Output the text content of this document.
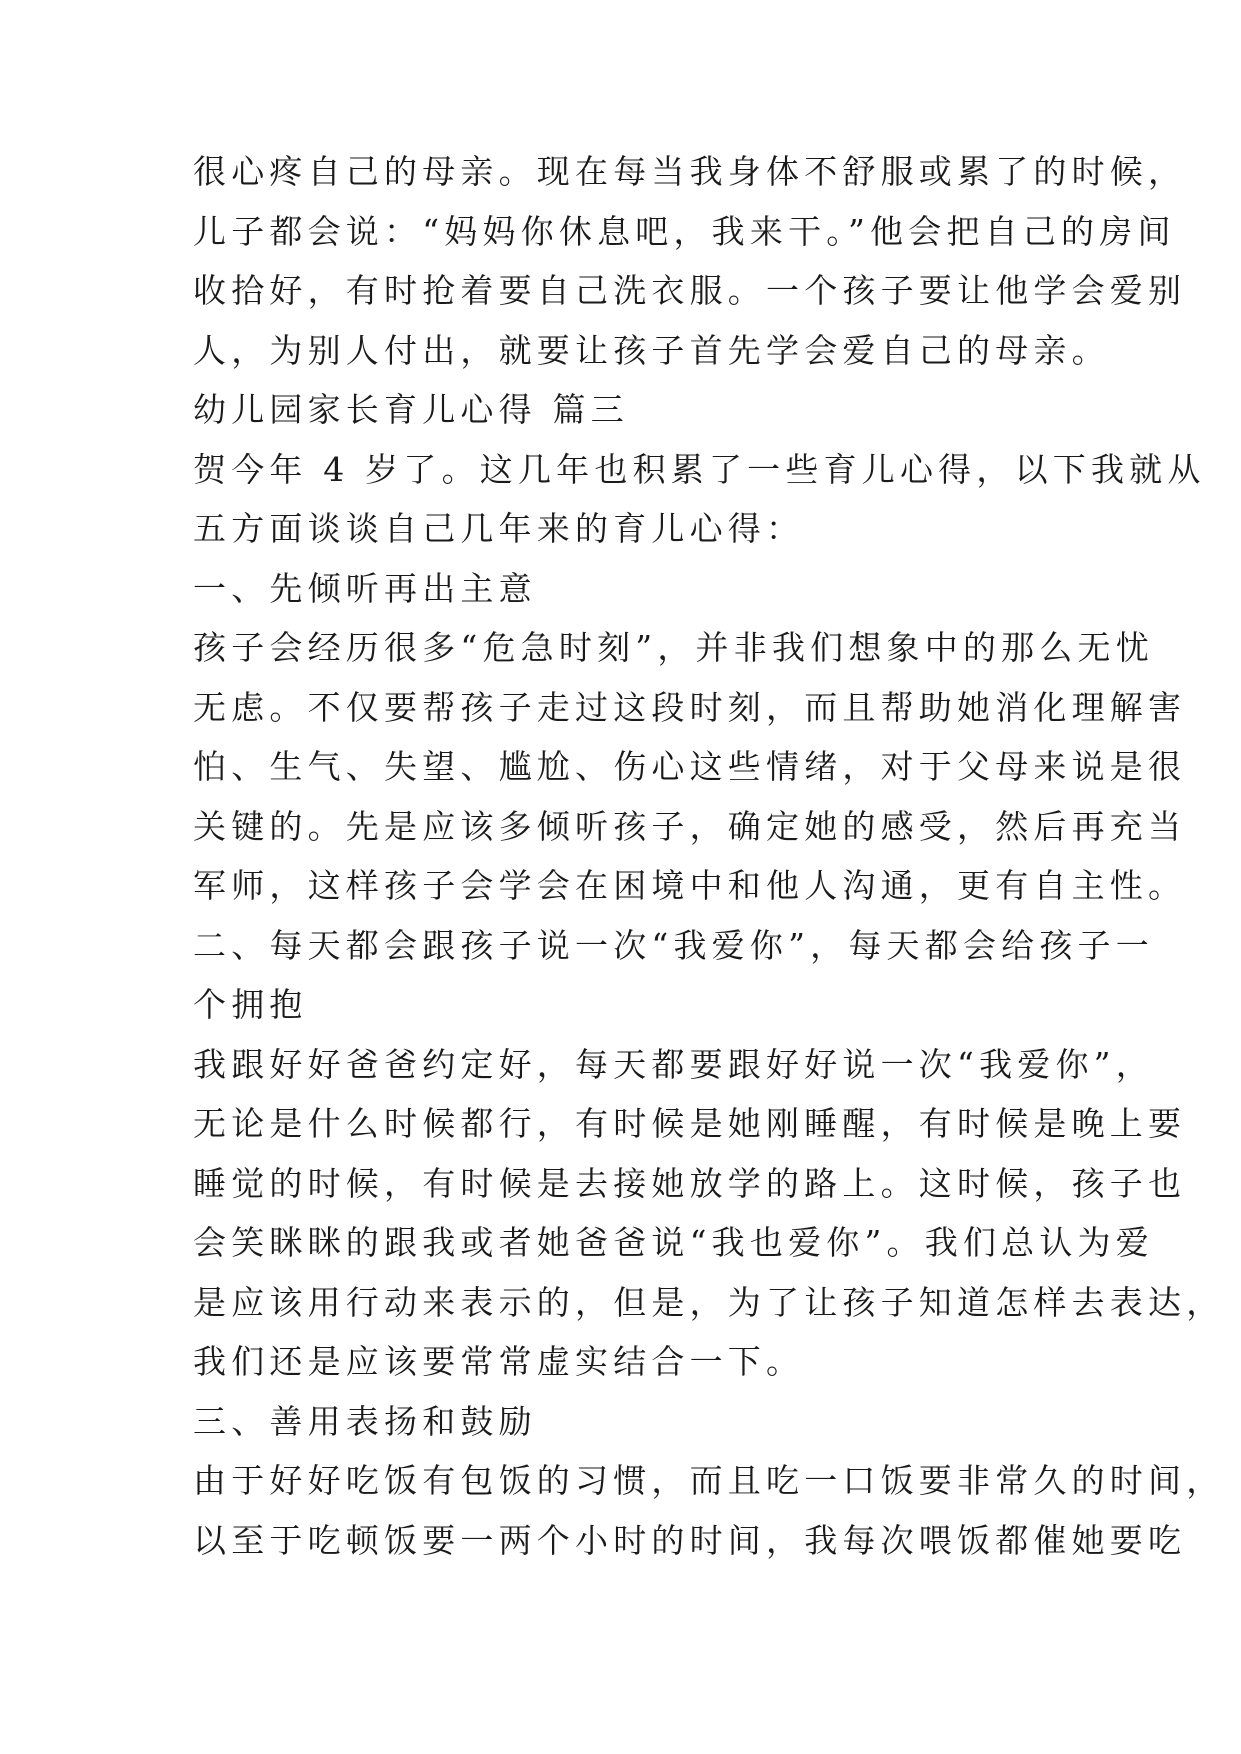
很心疼自己的母亲。现在每当我身体不舒服或累了的时候，
儿子都会说：“妈妈你休息吧，我来干。”他会把自己的房间
收拾好，有时抢着要自己洗衣服。一个孩子要让他学会爱别
人，为别人付出，就要让孩子首先学会爱自己的母亲。
幼儿园家长育儿心得 篇三
贺今年 4 岁了。这几年也积累了一些育儿心得，以下我就从
五方面谈谈自己几年来的育儿心得：
一、先倾听再出主意
孩子会经历很多“危急时刻”，并非我们想象中的那么无忧
无虑。不仅要帮孩子走过这段时刻，而且帮助她消化理解害
怕、生气、失望、尴尬、伤心这些情绪，对于父母来说是很
关键的。先是应该多倾听孩子，确定她的感受，然后再充当
军师，这样孩子会学会在困境中和他人沟通，更有自主性。
二、每天都会跟孩子说一次“我爱你”，每天都会给孩子一
个拥抱
我跟好好爸爸约定好，每天都要跟好好说一次“我爱你”，
无论是什么时候都行，有时候是她刚睡醒，有时候是晚上要
睡觉的时候，有时候是去接她放学的路上。这时候，孩子也
会笑眯眯的跟我或者她爸爸说“我也爱你”。我们总认为爱
是应该用行动来表示的，但是，为了让孩子知道怎样去表达，
我们还是应该要常常虚实结合一下。
三、善用表扬和鼓励
由于好好吃饭有包饭的习惯，而且吃一口饭要非常久的时间，
以至于吃顿饭要一两个小时的时间，我每次喂饭都催她要吃
